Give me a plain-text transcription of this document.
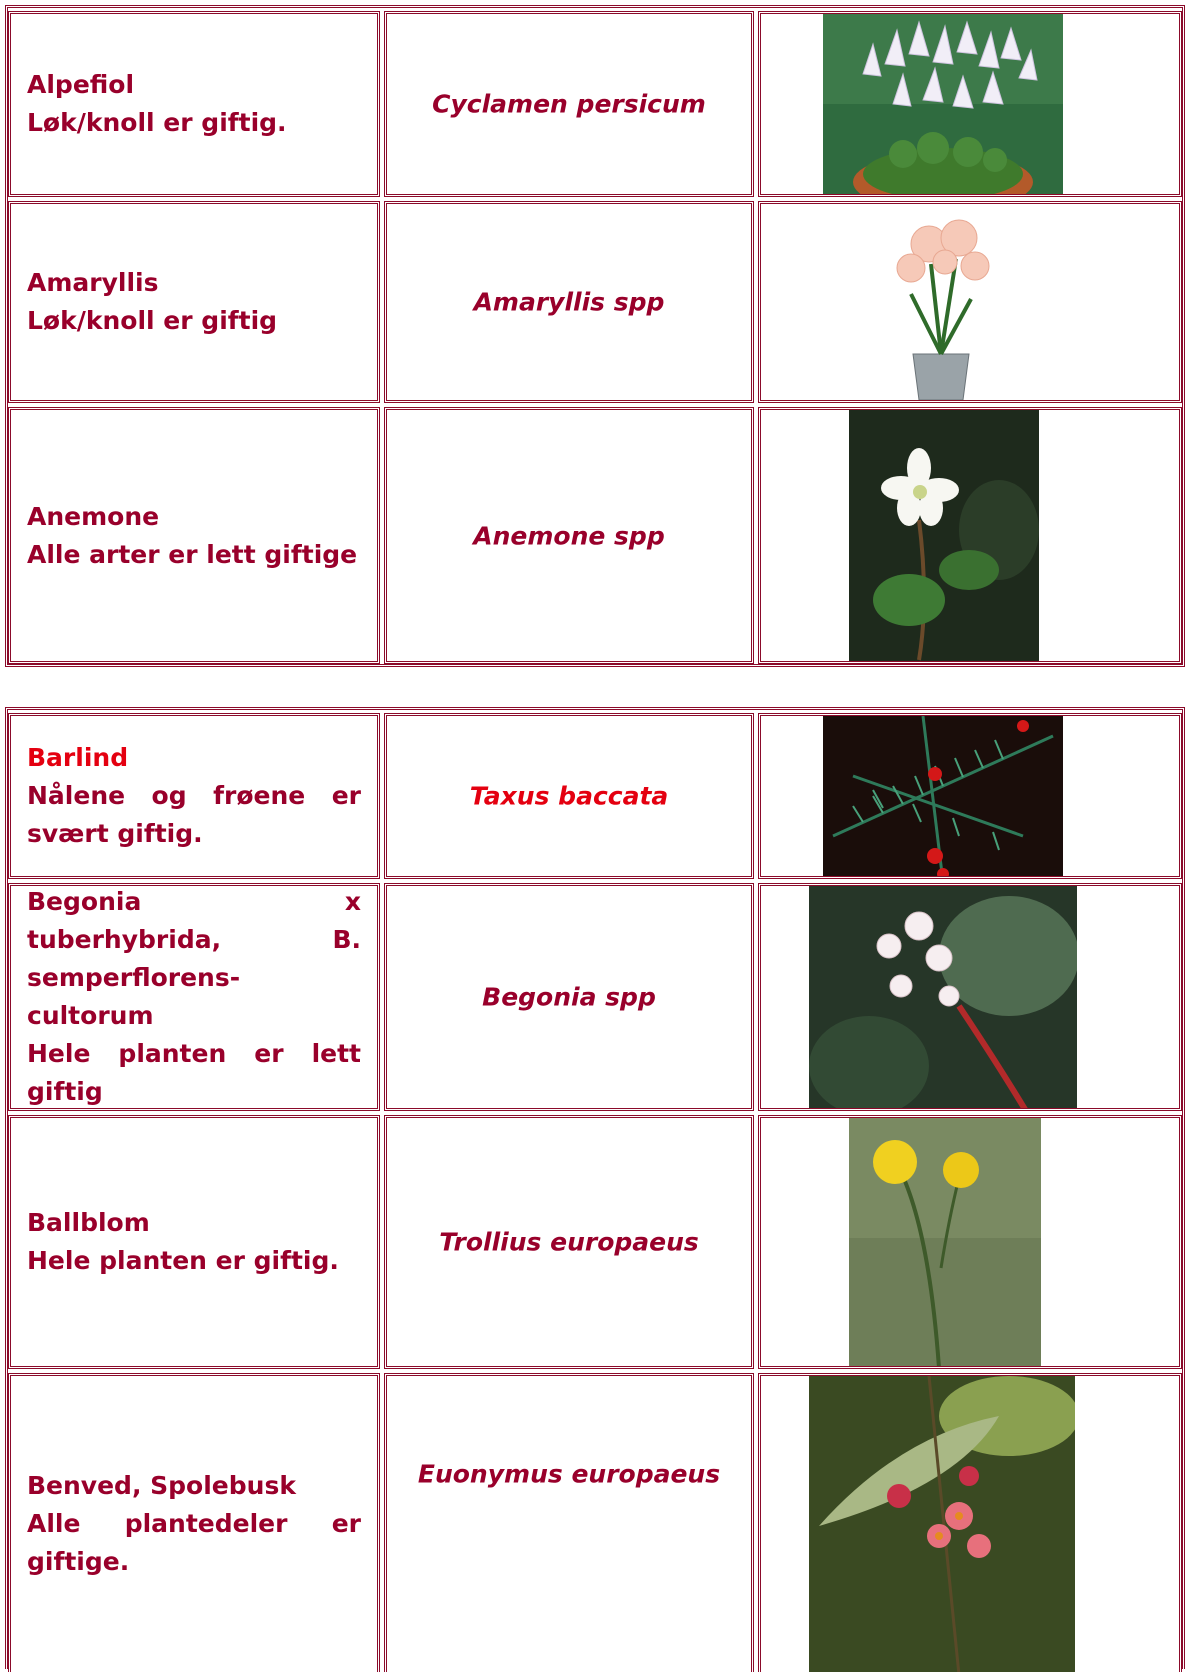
Alpefiol
Løk/knoll er giftig.
Cyclamen persicum
Amaryllis
Løk/knoll er giftig
Amaryllis spp
Anemone
Alle arter er lett giftige
Anemone spp
Barlind
Nålene og frøene er svært giftig.
Taxus baccata
Begonia x tuberhybrida, B. semperflorens-cultorum
Hele planten er lett giftig
Begonia spp
Ballblom
Hele planten er giftig.
Trollius europaeus
Benved, Spolebusk
Alle plantedeler er giftige.
Euonymus europaeus
